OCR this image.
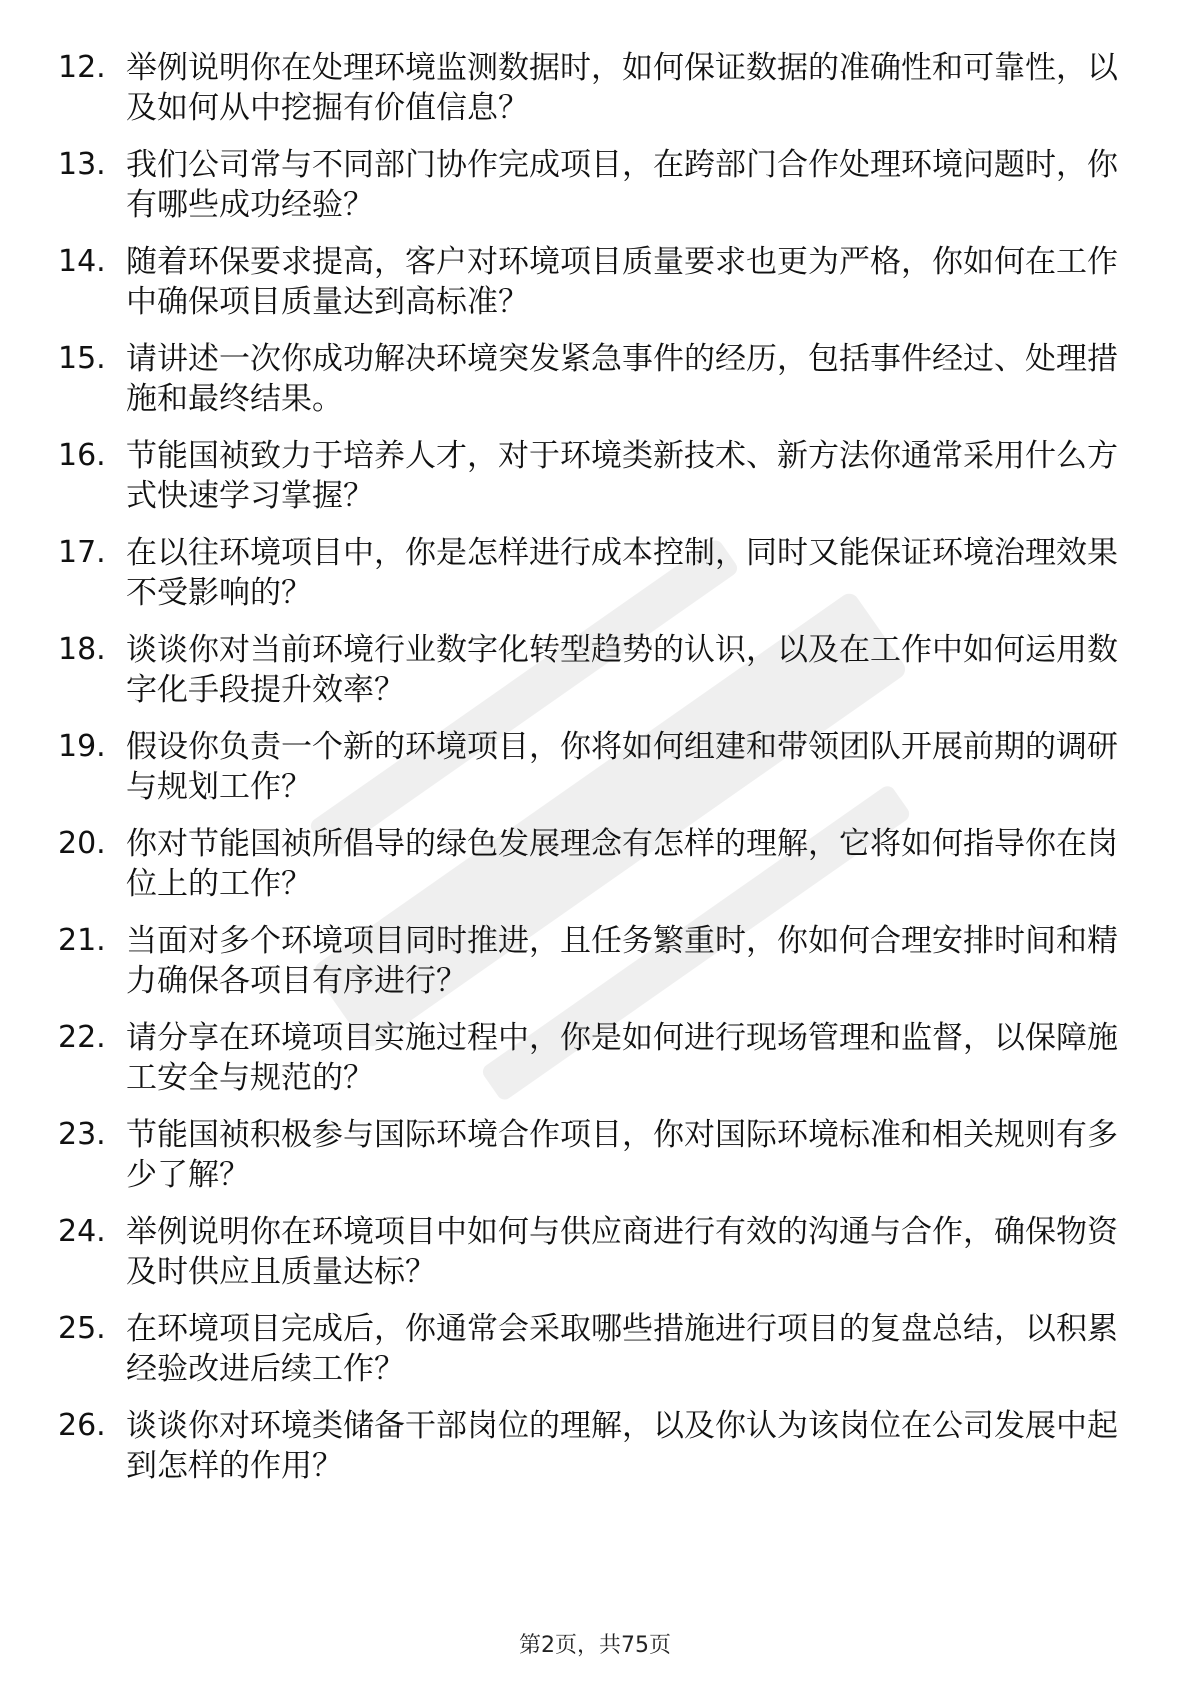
12. 举例说明你在处理环境监测数据时，如何保证数据的准确性和可靠性，以及如何从中挖掘有价值信息？
13. 我们公司常与不同部门协作完成项目，在跨部门合作处理环境问题时，你有哪些成功经验？
14. 随着环保要求提高，客户对环境项目质量要求也更为严格，你如何在工作中确保项目质量达到高标准？
15. 请讲述一次你成功解决环境突发紧急事件的经历，包括事件经过、处理措施和最终结果。
16. 节能国祯致力于培养人才，对于环境类新技术、新方法你通常采用什么方式快速学习掌握？
17. 在以往环境项目中，你是怎样进行成本控制，同时又能保证环境治理效果不受影响的？
18. 谈谈你对当前环境行业数字化转型趋势的认识，以及在工作中如何运用数字化手段提升效率？
19. 假设你负责一个新的环境项目，你将如何组建和带领团队开展前期的调研与规划工作？
20. 你对节能国祯所倡导的绿色发展理念有怎样的理解，它将如何指导你在岗位上的工作？
21. 当面对多个环境项目同时推进，且任务繁重时，你如何合理安排时间和精力确保各项目有序进行？
22. 请分享在环境项目实施过程中，你是如何进行现场管理和监督，以保障施工安全与规范的？
23. 节能国祯积极参与国际环境合作项目，你对国际环境标准和相关规则有多少了解？
24. 举例说明你在环境项目中如何与供应商进行有效的沟通与合作，确保物资及时供应且质量达标？
25. 在环境项目完成后，你通常会采取哪些措施进行项目的复盘总结，以积累经验改进后续工作？
26. 谈谈你对环境类储备干部岗位的理解，以及你认为该岗位在公司发展中起到怎样的作用？
第2页，共75页
